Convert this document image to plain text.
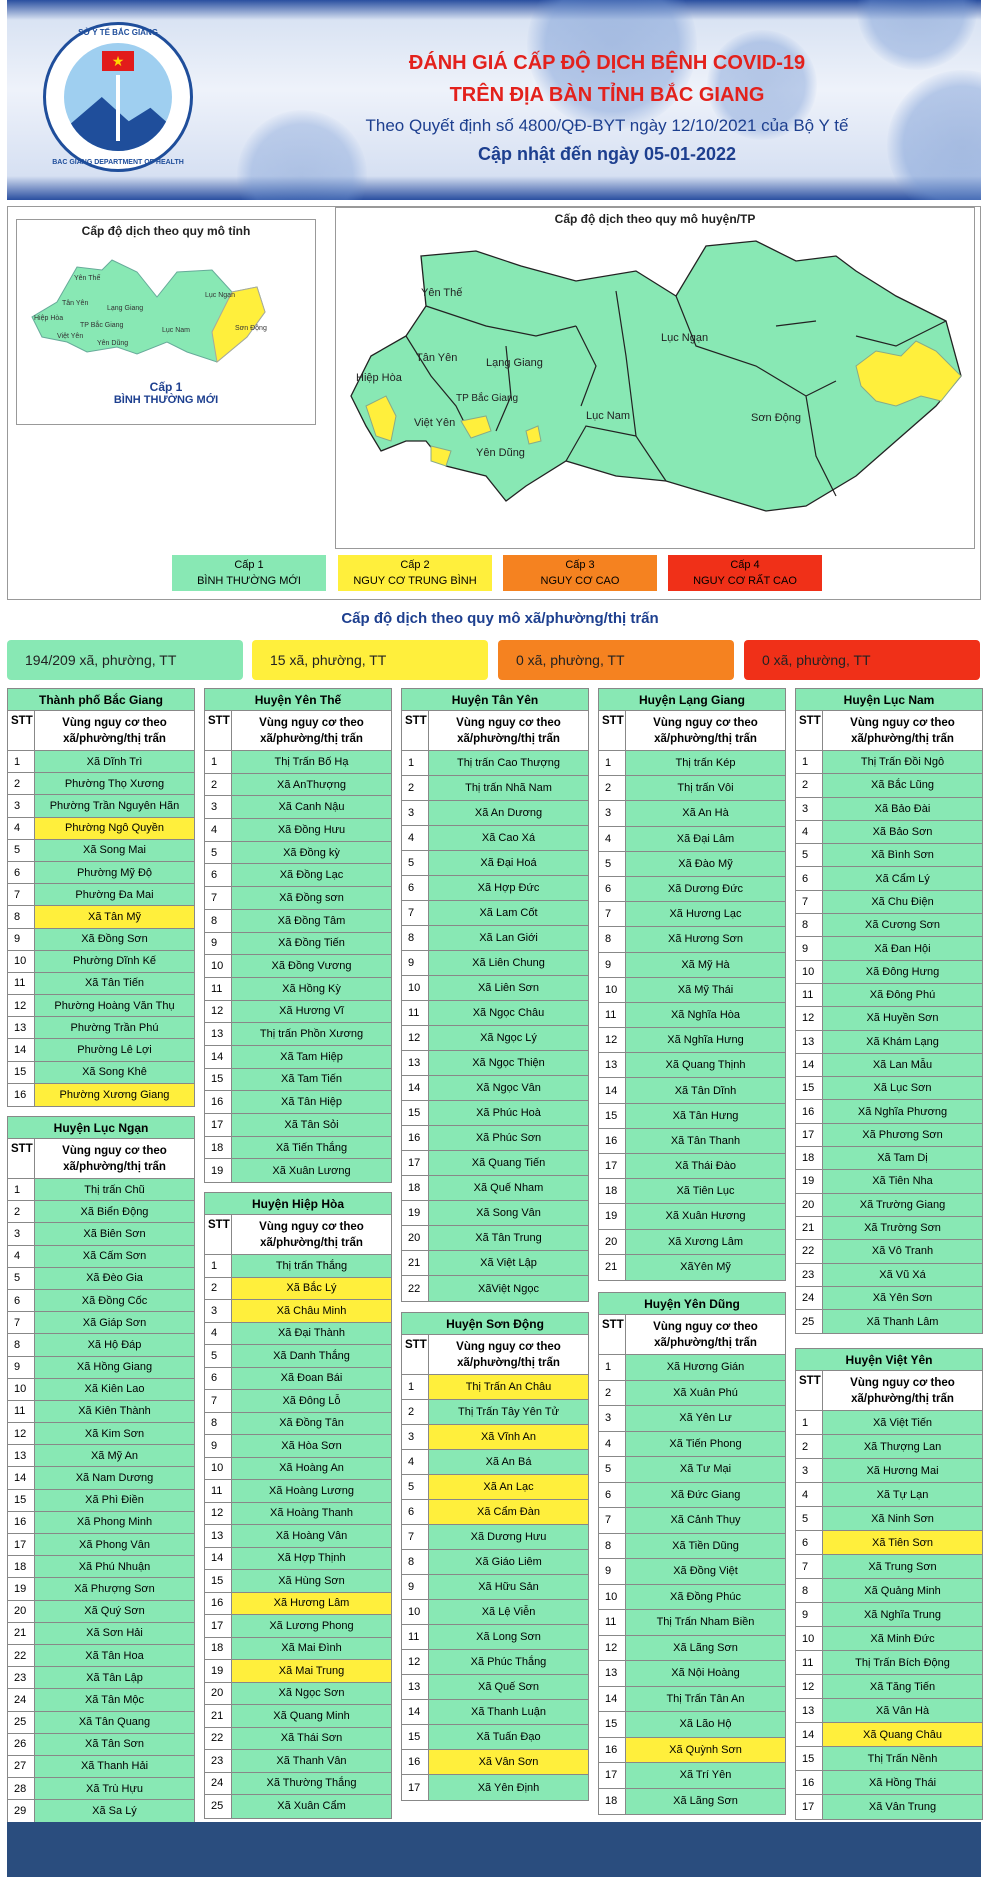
SỞ Y TẾ BẮC GIANG
★
BAC GIANG DEPARTMENT OF HEALTH
ĐÁNH GIÁ CẤP ĐỘ DỊCH BỆNH COVID-19
TRÊN ĐỊA BÀN TỈNH BẮC GIANG
Theo Quyết định số 4800/QĐ-BYT ngày 12/10/2021 của Bộ Y tế
Cập nhật đến ngày 05-01-2022
Cấp độ dịch theo quy mô tỉnh
Yên Thế
Tân Yên
Lạng Giang
Lục Ngạn
Hiệp Hòa
Việt Yên
TP Bắc Giang
Lục Nam	Sơn Động
Yên Dũng
Cấp 1
BÌNH THƯỜNG MỚI
Cấp độ dịch theo quy mô huyện/TP
Yên Thế
Tân Yên	Lạng Giang
Lục Ngạn
Hiệp Hòa
TP Bắc Giang
Việt Yên
Lục Nam	Sơn Động
Yên Dũng
Cấp 1
BÌNH THƯỜNG MỚI
Cấp 2
NGUY CƠ TRUNG BÌNH
Cấp 3
NGUY CƠ CAO
Cấp 4
NGUY CƠ RẤT CAO
Cấp độ dịch theo quy mô xã/phường/thị trấn
194/209 xã, phường, TT	15 xã, phường, TT	0 xã, phường, TT	0 xã, phường, TT
Thành phố Bắc Giang
STT	Vùng nguy cơ theo xã/phường/thị trấn
1	Xã Dĩnh Trì
2	Phường Thọ Xương
3	Phường Trần Nguyên Hãn
4	Phường Ngô Quyền
5	Xã Song Mai
6	Phường Mỹ Độ
7	Phường Đa Mai
8	Xã Tân Mỹ
9	Xã Đồng Sơn
10	Phường Dĩnh Kế
11	Xã Tân Tiến
12	Phường Hoàng Văn Thụ
13	Phường Trần Phú
14	Phường Lê Lợi
15	Xã Song Khê
16	Phường Xương Giang
Huyện Lục Ngạn
STT	Vùng nguy cơ theo xã/phường/thị trấn
1	Thị trấn Chũ
2	Xã Biển Động
3	Xã Biên Sơn
4	Xã Cấm Sơn
5	Xã Đèo Gia
6	Xã Đồng Cốc
7	Xã Giáp Sơn
8	Xã Hộ Đáp
9	Xã Hồng Giang
10	Xã Kiên Lao
11	Xã Kiên Thành
12	Xã Kim Sơn
13	Xã Mỹ An
14	Xã Nam Dương
15	Xã Phì Điền
16	Xã Phong Minh
17	Xã Phong Vân
18	Xã Phú Nhuận
19	Xã Phượng Sơn
20	Xã Quý Sơn
21	Xã Sơn Hải
22	Xã Tân Hoa
23	Xã Tân Lập
24	Xã Tân Mộc
25	Xã Tân Quang
26	Xã Tân Sơn
27	Xã Thanh Hải
28	Xã Trù Hựu
29	Xã Sa Lý
Huyện Yên Thế
STT	Vùng nguy cơ theo xã/phường/thị trấn
1	Thị Trấn Bố Hạ
2	Xã AnThượng
3	Xã Canh Nậu
4	Xã Đồng Hưu
5	Xã Đồng kỳ
6	Xã Đồng Lạc
7	Xã Đồng sơn
8	Xã Đồng Tâm
9	Xã Đồng Tiến
10	Xã Đồng Vương
11	Xã Hồng Kỳ
12	Xã Hương Vĩ
13	Thị trấn Phồn Xương
14	Xã Tam Hiệp
15	Xã Tam Tiến
16	Xã Tân Hiệp
17	Xã Tân Sỏi
18	Xã Tiến Thắng
19	Xã Xuân Lương
Huyện Hiệp Hòa
STT	Vùng nguy cơ theo xã/phường/thị trấn
1	Thị trấn Thắng
2	Xã Bắc Lý
3	Xã Châu Minh
4	Xã Đại Thành
5	Xã Danh Thắng
6	Xã Đoan Bái
7	Xã Đông Lỗ
8	Xã Đồng Tân
9	Xã Hòa Sơn
10	Xã Hoàng An
11	Xã Hoàng Lương
12	Xã Hoàng Thanh
13	Xã Hoàng Vân
14	Xã Hợp Thịnh
15	Xã Hùng Sơn
16	Xã Hương Lâm
17	Xã Lương Phong
18	Xã Mai Đình
19	Xã Mai Trung
20	Xã Ngọc Sơn
21	Xã Quang Minh
22	Xã Thái Sơn
23	Xã Thanh Vân
24	Xã Thường Thắng
25	Xã Xuân Cẩm
Huyện Tân Yên
STT	Vùng nguy cơ theo xã/phường/thị trấn
1	Thị trấn Cao Thượng
2	Thị trấn Nhã Nam
3	Xã An Dương
4	Xã Cao Xá
5	Xã Đại Hoá
6	Xã Hợp Đức
7	Xã Lam Cốt
8	Xã Lan Giới
9	Xã Liên Chung
10	Xã Liên Sơn
11	Xã Ngọc Châu
12	Xã Ngọc Lý
13	Xã Ngọc Thiện
14	Xã Ngọc Vân
15	Xã Phúc Hoà
16	Xã Phúc Sơn
17	Xã Quang Tiến
18	Xã Quế Nham
19	Xã Song Vân
20	Xã Tân Trung
21	Xã Việt Lập
22	XãViệt Ngọc
Huyện Sơn Động
STT	Vùng nguy cơ theo xã/phường/thị trấn
1	Thị Trấn An Châu
2	Thị Trấn Tây Yên Tử
3	Xã Vĩnh An
4	Xã An Bá
5	Xã An Lạc
6	Xã Cẩm Đàn
7	Xã Dương Hưu
8	Xã Giáo Liêm
9	Xã Hữu Sản
10	Xã Lệ Viễn
11	Xã Long Sơn
12	Xã Phúc Thắng
13	Xã Quế Sơn
14	Xã Thanh Luận
15	Xã Tuấn Đạo
16	Xã Vân Sơn
17	Xã Yên Định
Huyện Lạng Giang
STT	Vùng nguy cơ theo xã/phường/thị trấn
1	Thị trấn Kép
2	Thị trấn Vôi
3	Xã An Hà
4	Xã Đại Lâm
5	Xã Đào Mỹ
6	Xã Dương Đức
7	Xã Hương Lạc
8	Xã Hương Sơn
9	Xã Mỹ Hà
10	Xã Mỹ Thái
11	Xã Nghĩa Hòa
12	Xã Nghĩa Hưng
13	Xã Quang Thịnh
14	Xã Tân Dĩnh
15	Xã Tân Hưng
16	Xã Tân Thanh
17	Xã Thái Đào
18	Xã Tiên Lục
19	Xã Xuân Hương
20	Xã Xương Lâm
21	XãYên Mỹ
Huyện Yên Dũng
STT	Vùng nguy cơ theo xã/phường/thị trấn
1	Xã Hương Gián
2	Xã Xuân Phú
3	Xã Yên Lư
4	Xã Tiến Phong
5	Xã Tư Mại
6	Xã Đức Giang
7	Xã Cảnh Thụy
8	Xã Tiền Dũng
9	Xã Đồng Việt
10	Xã Đồng Phúc
11	Thị Trấn Nham Biền
12	Xã Lãng Sơn
13	Xã Nội Hoàng
14	Thị Trấn Tân An
15	Xã Lão Hộ
16	Xã Quỳnh Sơn
17	Xã Trí Yên
18	Xã Lãng Sơn
Huyện Lục Nam
STT	Vùng nguy cơ theo xã/phường/thị trấn
1	Thị Trấn Đồi Ngô
2	Xã Bắc Lũng
3	Xã Bảo Đài
4	Xã Bảo Sơn
5	Xã Bình Sơn
6	Xã Cẩm Lý
7	Xã Chu Điện
8	Xã Cương Sơn
9	Xã Đan Hội
10	Xã Đông Hưng
11	Xã Đông Phú
12	Xã Huyền Sơn
13	Xã Khám Lạng
14	Xã Lan Mẫu
15	Xã Lục Sơn
16	Xã Nghĩa Phương
17	Xã Phương Sơn
18	Xã Tam Dị
19	Xã Tiên Nha
20	Xã Trường Giang
21	Xã Trường Sơn
22	Xã Vô Tranh
23	Xã Vũ Xá
24	Xã Yên Sơn
25	Xã Thanh Lâm
Huyện Việt Yên
STT	Vùng nguy cơ theo xã/phường/thị trấn
1	Xã Việt Tiến
2	Xã Thượng Lan
3	Xã Hương Mai
4	Xã Tự Lạn
5	Xã Ninh Sơn
6	Xã Tiên Sơn
7	Xã Trung Sơn
8	Xã Quảng Minh
9	Xã Nghĩa Trung
10	Xã Minh Đức
11	Thị Trấn Bích Động
12	Xã Tăng Tiến
13	Xã Vân Hà
14	Xã Quang Châu
15	Thị Trấn Nềnh
16	Xã Hồng Thái
17	Xã Vân Trung
